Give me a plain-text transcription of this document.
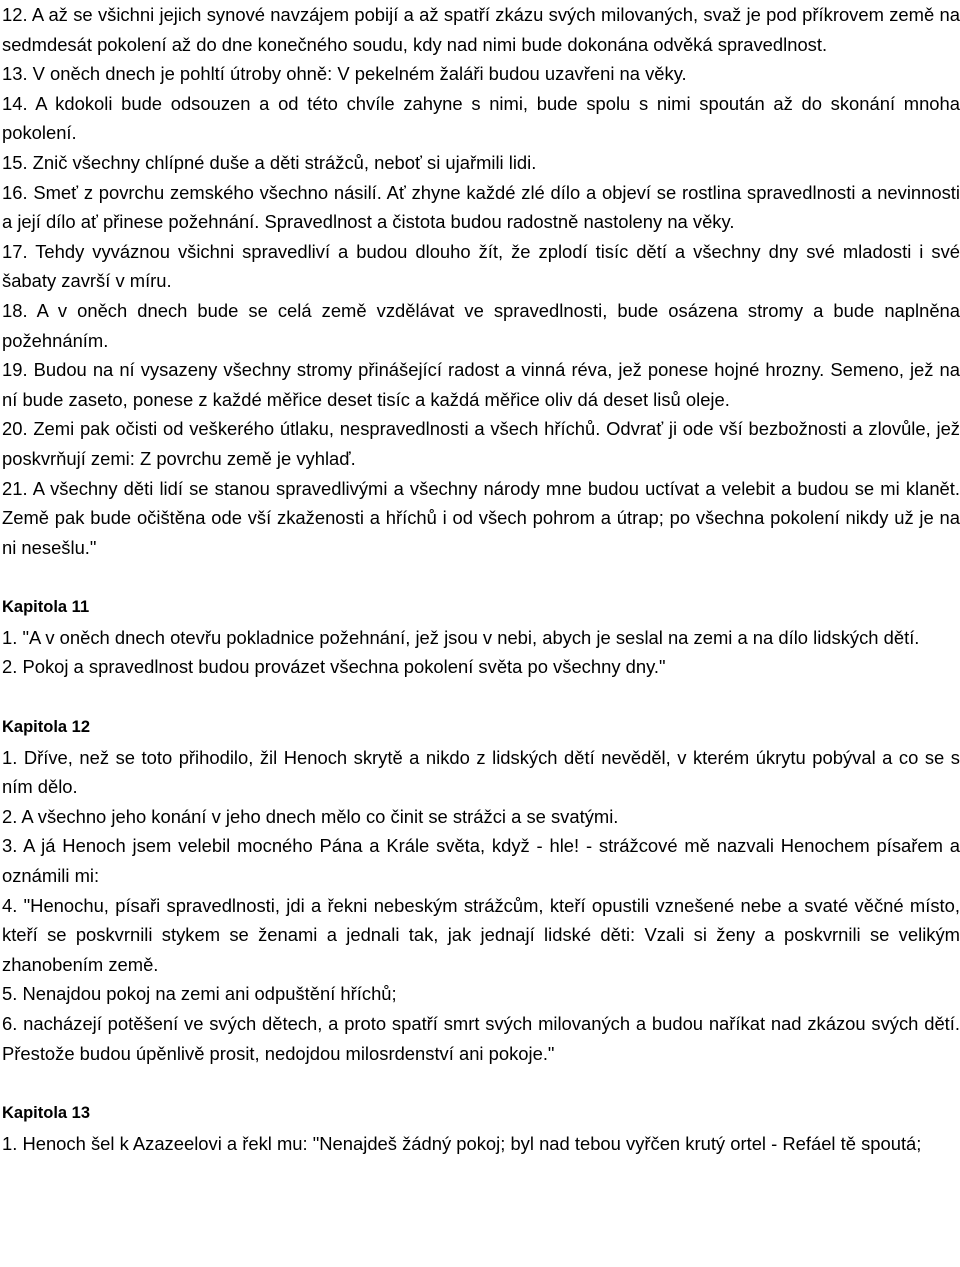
12. A až se všichni jejich synové navzájem pobijí a až spatří zkázu svých milovaných, svaž je pod příkrovem země na sedmdesát pokolení až do dne konečného soudu, kdy nad nimi bude dokonána odvěká spravedlnost.

13. V oněch dnech je pohltí útroby ohně: V pekelném žaláři budou uzavřeni na věky.

14. A kdokoli bude odsouzen a od této chvíle zahyne s nimi, bude spolu s nimi spoután až do skonání mnoha pokolení.

15. Znič všechny chlípné duše a děti strážců, neboť si ujařmili lidi.

16. Smeť z povrchu zemského všechno násilí. Ať zhyne každé zlé dílo a objeví se rostlina spravedlnosti a nevinnosti a její dílo ať přinese požehnání. Spravedlnost a čistota budou radostně nastoleny na věky.

17. Tehdy vyváznou všichni spravedliví a budou dlouho žít, že zplodí tisíc dětí a všechny dny své mladosti i své šabaty završí v míru.

18. A v oněch dnech bude se celá země vzdělávat ve spravedlnosti, bude osázena stromy a bude naplněna požehnáním.

19. Budou na ní vysazeny všechny stromy přinášející radost a vinná réva, jež ponese hojné hrozny. Semeno, jež na ní bude zaseto, ponese z každé měřice deset tisíc a každá měřice oliv dá deset lisů oleje.

20. Zemi pak očisti od veškerého útlaku, nespravedlnosti a všech hříchů. Odvrať ji ode vší bezbožnosti a zlovůle, jež poskvrňují zemi: Z povrchu země je vyhlaď.

21. A všechny děti lidí se stanou spravedlivými a všechny národy mne budou uctívat a velebit a budou se mi klanět. Země pak bude očištěna ode vší zkaženosti a hříchů i od všech pohrom a útrap; po všechna pokolení nikdy už je na ni nesešlu."

Kapitola 11

1. "A v oněch dnech otevřu pokladnice požehnání, jež jsou v nebi, abych je seslal na zemi a na dílo lidských dětí.

2. Pokoj a spravedlnost budou provázet všechna pokolení světa po všechny dny."

Kapitola 12

1. Dříve, než se toto přihodilo, žil Henoch skrytě a nikdo z lidských dětí nevěděl, v kterém úkrytu pobýval a co se s ním dělo.

2. A všechno jeho konání v jeho dnech mělo co činit se strážci a se svatými.

3. A já Henoch jsem velebil mocného Pána a Krále světa, když - hle! - strážcové mě nazvali Henochem písařem a oznámili mi:

4. "Henochu, písaři spravedlnosti, jdi a řekni nebeským strážcům, kteří opustili vznešené nebe a svaté věčné místo, kteří se poskvrnili stykem se ženami a jednali tak, jak jednají lidské děti: Vzali si ženy a poskvrnili se velikým zhanobením země.

5. Nenajdou pokoj na zemi ani odpuštění hříchů;

6. nacházejí potěšení ve svých dětech, a proto spatří smrt svých milovaných a budou naříkat nad zkázou svých dětí. Přestože budou úpěnlivě prosit, nedojdou milosrdenství ani pokoje."

Kapitola 13

1. Henoch šel k Azazeelovi a řekl mu: "Nenajdeš žádný pokoj; byl nad tebou vyřčen krutý ortel - Refáel tě spoutá;
